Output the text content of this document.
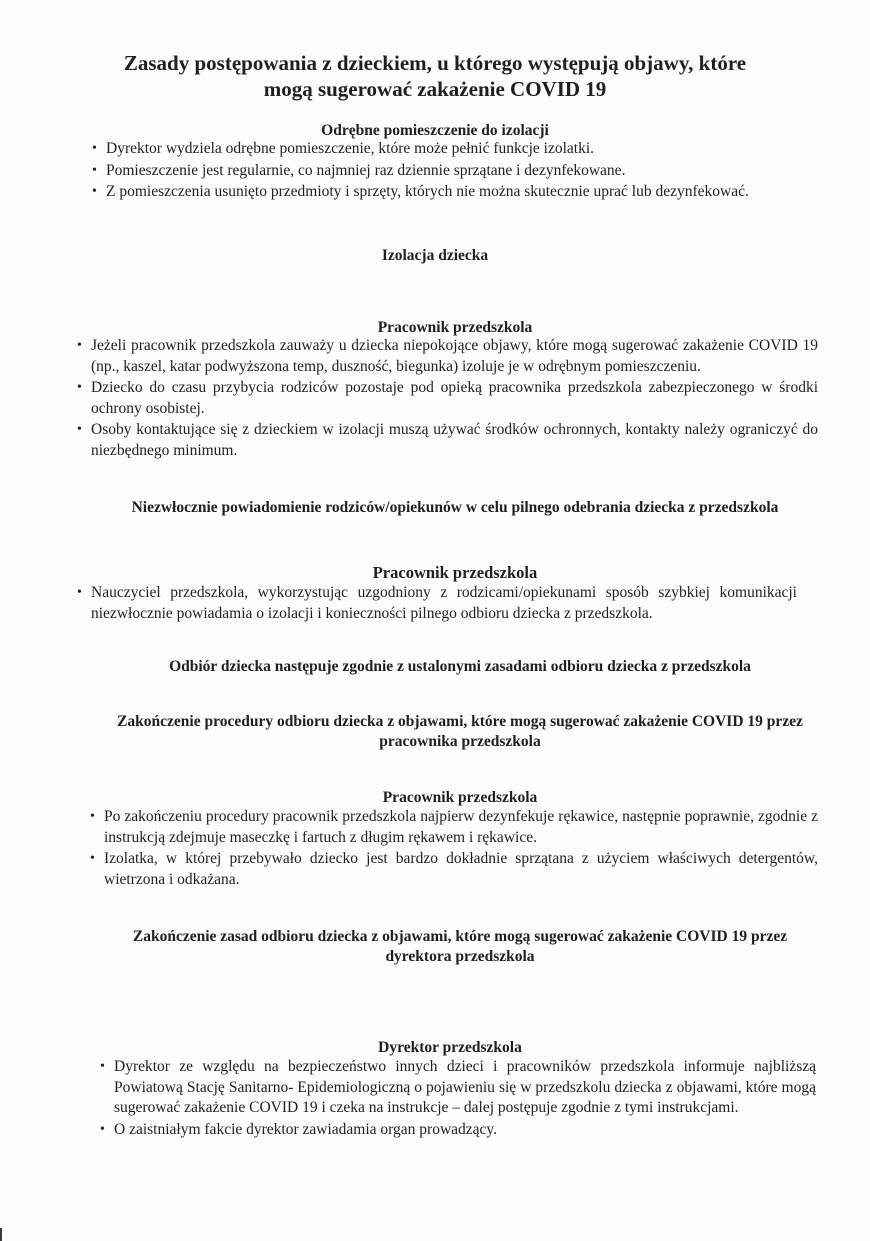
Zasady postępowania z dzieckiem, u którego występują objawy, które
mogą sugerować zakażenie COVID 19
Odrębne pomieszczenie do izolacji
• Dyrektor wydziela odrębne pomieszczenie, które może pełnić funkcje izolatki.
• Pomieszczenie jest regularnie, co najmniej raz dziennie sprzątane i dezynfekowane.
• Z pomieszczenia usunięto przedmioty i sprzęty, których nie można skutecznie uprać lub dezynfekować.
Izolacja dziecka
Pracownik przedszkola
• Jeżeli pracownik przedszkola zauważy u dziecka niepokojące objawy, które mogą sugerować zakażenie COVID 19 (np., kaszel, katar podwyższona temp, duszność, biegunka) izoluje je w odrębnym pomieszczeniu.
• Dziecko do czasu przybycia rodziców pozostaje pod opieką pracownika przedszkola zabezpieczonego w środki ochrony osobistej.
• Osoby kontaktujące się z dzieckiem w izolacji muszą używać środków ochronnych, kontakty należy ograniczyć do niezbędnego minimum.
Niezwłocznie powiadomienie rodziców/opiekunów w celu pilnego odebrania dziecka z przedszkola
Pracownik przedszkola
• Nauczyciel przedszkola, wykorzystując uzgodniony z rodzicami/opiekunami sposób szybkiej komunikacji niezwłocznie powiadamia o izolacji i konieczności pilnego odbioru dziecka z przedszkola.
Odbiór dziecka następuje zgodnie z ustalonymi zasadami odbioru dziecka z przedszkola
Zakończenie procedury odbioru dziecka z objawami, które mogą sugerować zakażenie COVID 19 przez
pracownika przedszkola
Pracownik przedszkola
• Po zakończeniu procedury pracownik przedszkola najpierw dezynfekuje rękawice, następnie poprawnie, zgodnie z instrukcją zdejmuje maseczkę i fartuch z długim rękawem i rękawice.
• Izolatka, w której przebywało dziecko jest bardzo dokładnie sprzątana z użyciem właściwych detergentów, wietrzona i odkażana.
Zakończenie zasad odbioru dziecka z objawami, które mogą sugerować zakażenie COVID 19 przez
dyrektora przedszkola
Dyrektor przedszkola
• Dyrektor ze względu na bezpieczeństwo innych dzieci i pracowników przedszkola informuje najbliższą Powiatową Stację Sanitarno- Epidemiologiczną o pojawieniu się w przedszkolu dziecka z objawami, które mogą sugerować zakażenie COVID 19 i czeka na instrukcje – dalej postępuje zgodnie z tymi instrukcjami.
• O zaistniałym fakcie dyrektor zawiadamia organ prowadzący.
